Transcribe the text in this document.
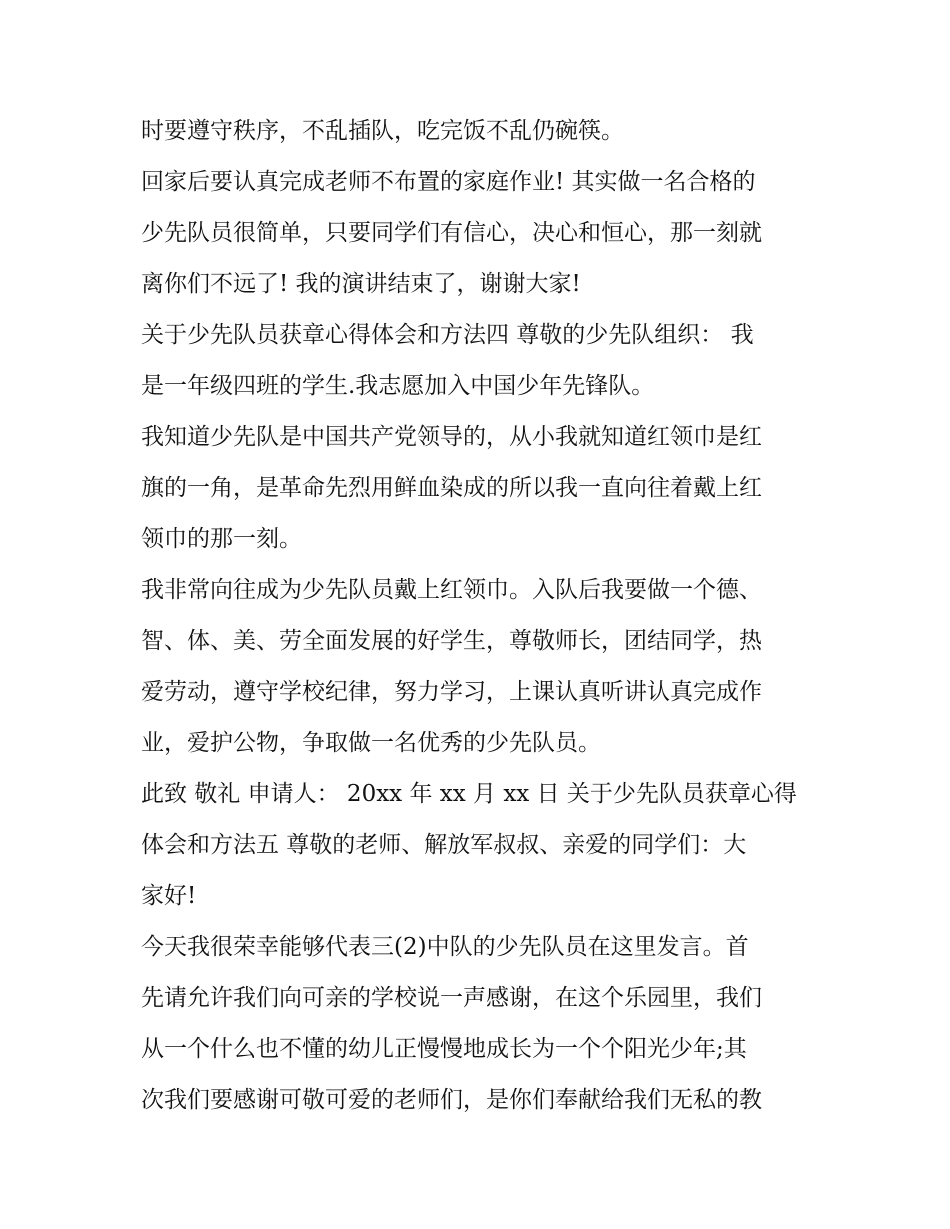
时要遵守秩序，不乱插队，吃完饭不乱仍碗筷。
回家后要认真完成老师不布置的家庭作业! 其实做一名合格的
少先队员很简单，只要同学们有信心，决心和恒心，那一刻就
离你们不远了! 我的演讲结束了，谢谢大家!
关于少先队员获章心得体会和方法四 尊敬的少先队组织： 我
是一年级四班的学生.我志愿加入中国少年先锋队。
我知道少先队是中国共产党领导的，从小我就知道红领巾是红
旗的一角，是革命先烈用鲜血染成的所以我一直向往着戴上红
领巾的那一刻。
我非常向往成为少先队员戴上红领巾。入队后我要做一个德、
智、体、美、劳全面发展的好学生，尊敬师长，团结同学，热
爱劳动，遵守学校纪律，努力学习，上课认真听讲认真完成作
业，爱护公物，争取做一名优秀的少先队员。
此致 敬礼 申请人： 20xx 年 xx 月 xx 日 关于少先队员获章心得
体会和方法五 尊敬的老师、解放军叔叔、亲爱的同学们：大
家好!
今天我很荣幸能够代表三(2)中队的少先队员在这里发言。首
先请允许我们向可亲的学校说一声感谢，在这个乐园里，我们
从一个什么也不懂的幼儿正慢慢地成长为一个个阳光少年;其
次我们要感谢可敬可爱的老师们，是你们奉献给我们无私的教
